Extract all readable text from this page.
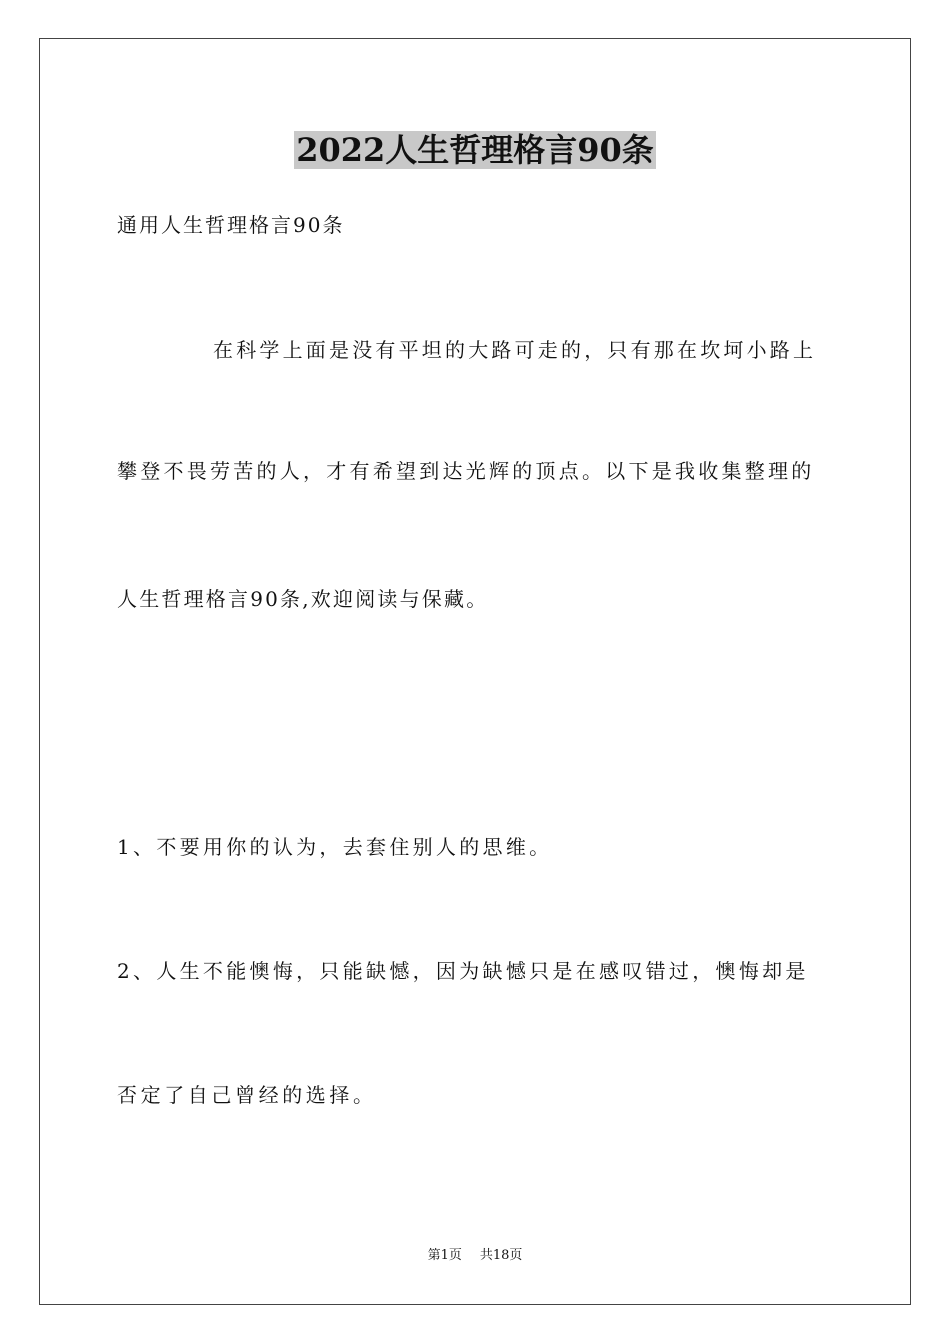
2022人生哲理格言90条

通用人生哲理格言90条

在科学上面是没有平坦的大路可走的，只有那在坎坷小路上

攀登不畏劳苦的人，才有希望到达光辉的顶点。以下是我收集整理的

人生哲理格言90条,欢迎阅读与保藏。

1、不要用你的认为，去套住别人的思维。

2、人生不能懊悔，只能缺憾，因为缺憾只是在感叹错过，懊悔却是

否定了自己曾经的选择。

第1页 共18页
